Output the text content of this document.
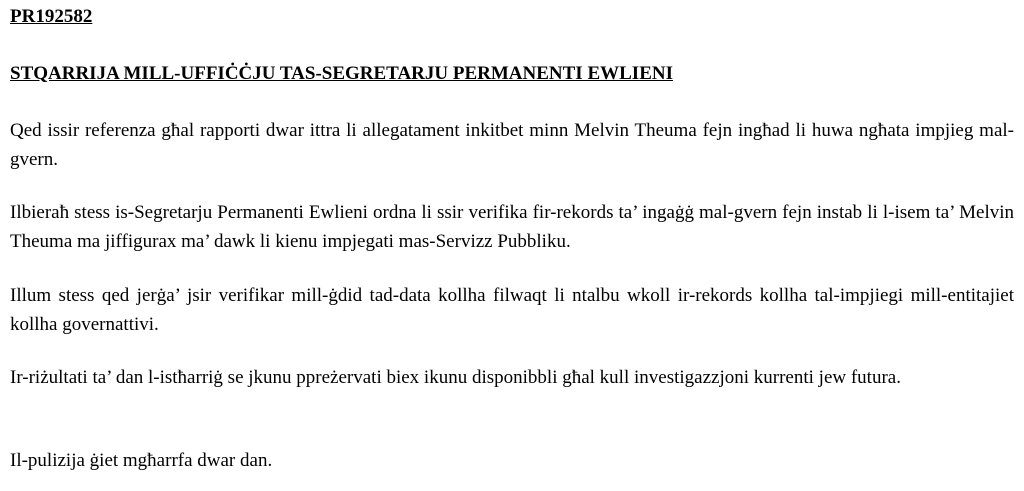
PR192582
STQARRIJA MILL-UFFIĊĊJU TAS-SEGRETARJU PERMANENTI EWLIENI

Qed issir referenza għal rapporti dwar ittra li allegatament inkitbet minn Melvin Theuma fejn ingħad li huwa ngħata impjieg mal-gvern.

Ilbieraħ stess is-Segretarju Permanenti Ewlieni ordna li ssir verifika fir-rekords ta’ ingaġġ mal-gvern fejn instab li l-isem ta’ Melvin Theuma ma jiffigurax ma’ dawk li kienu impjegati mas-Servizz Pubbliku.

Illum stess qed jerġa’ jsir verifikar mill-ġdid tad-data kollha filwaqt li ntalbu wkoll ir-rekords kollha tal-impjiegi mill-entitajiet kollha governattivi.

Ir-riżultati ta’ dan l-istħarriġ se jkunu ppreżervati biex ikunu disponibbli għal kull investigazzjoni kurrenti jew futura.

Il-pulizija ġiet mgħarrfa dwar dan.
